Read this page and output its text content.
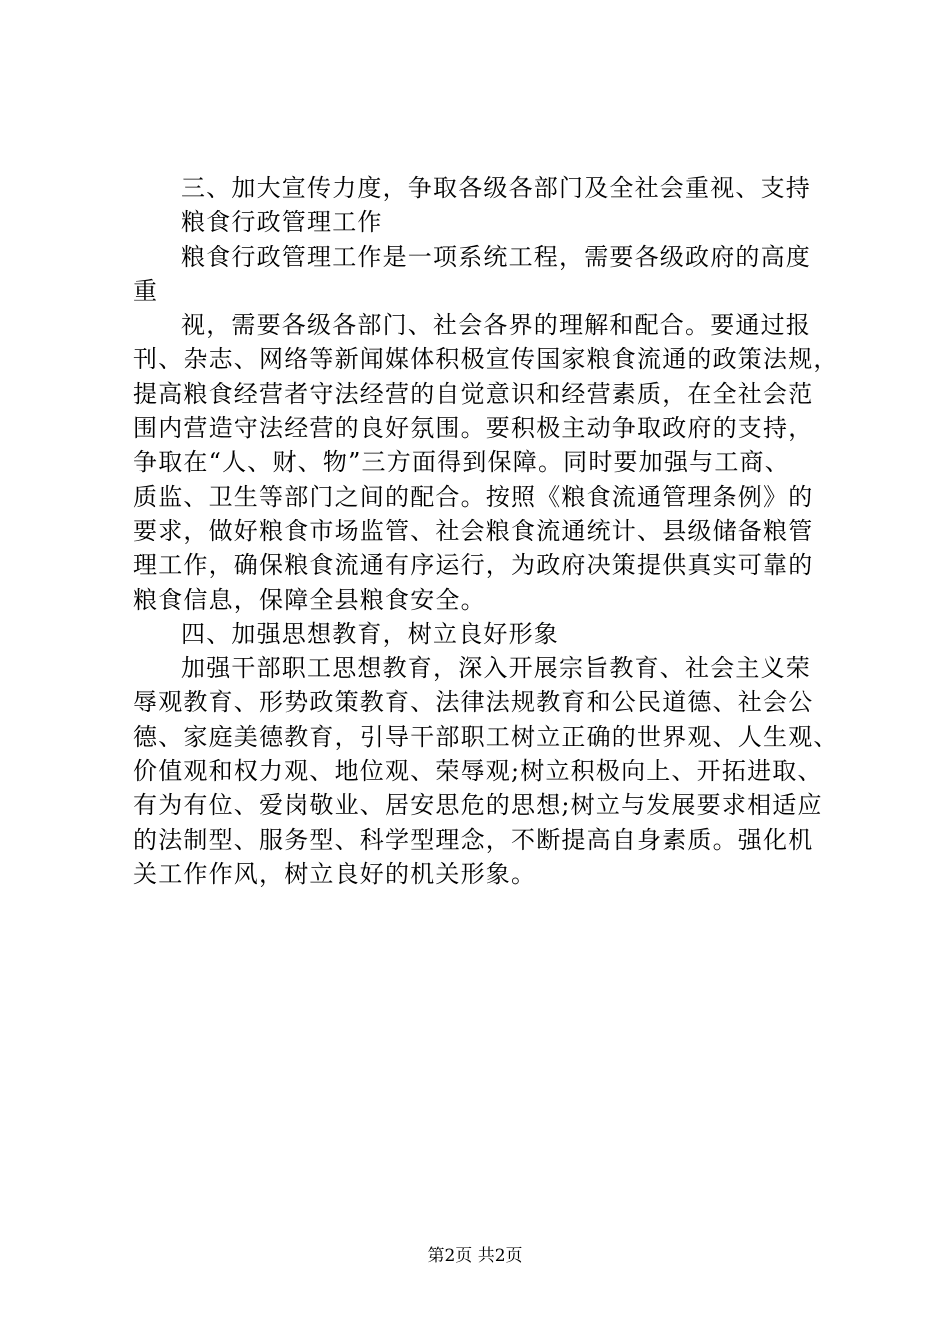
三、加大宣传力度，争取各级各部门及全社会重视、支持
粮食行政管理工作
粮食行政管理工作是一项系统工程，需要各级政府的高度
重
视，需要各级各部门、社会各界的理解和配合。要通过报
刊、杂志、网络等新闻媒体积极宣传国家粮食流通的政策法规，
提高粮食经营者守法经营的自觉意识和经营素质，在全社会范
围内营造守法经营的良好氛围。要积极主动争取政府的支持，
争取在“人、财、物”三方面得到保障。同时要加强与工商、
质监、卫生等部门之间的配合。按照《粮食流通管理条例》的
要求，做好粮食市场监管、社会粮食流通统计、县级储备粮管
理工作，确保粮食流通有序运行，为政府决策提供真实可靠的
粮食信息，保障全县粮食安全。
四、加强思想教育，树立良好形象
加强干部职工思想教育，深入开展宗旨教育、社会主义荣
辱观教育、形势政策教育、法律法规教育和公民道德、社会公
德、家庭美德教育，引导干部职工树立正确的世界观、人生观、
价值观和权力观、地位观、荣辱观;树立积极向上、开拓进取、
有为有位、爱岗敬业、居安思危的思想;树立与发展要求相适应
的法制型、服务型、科学型理念，不断提高自身素质。强化机
关工作作风，树立良好的机关形象。
第2页 共2页
